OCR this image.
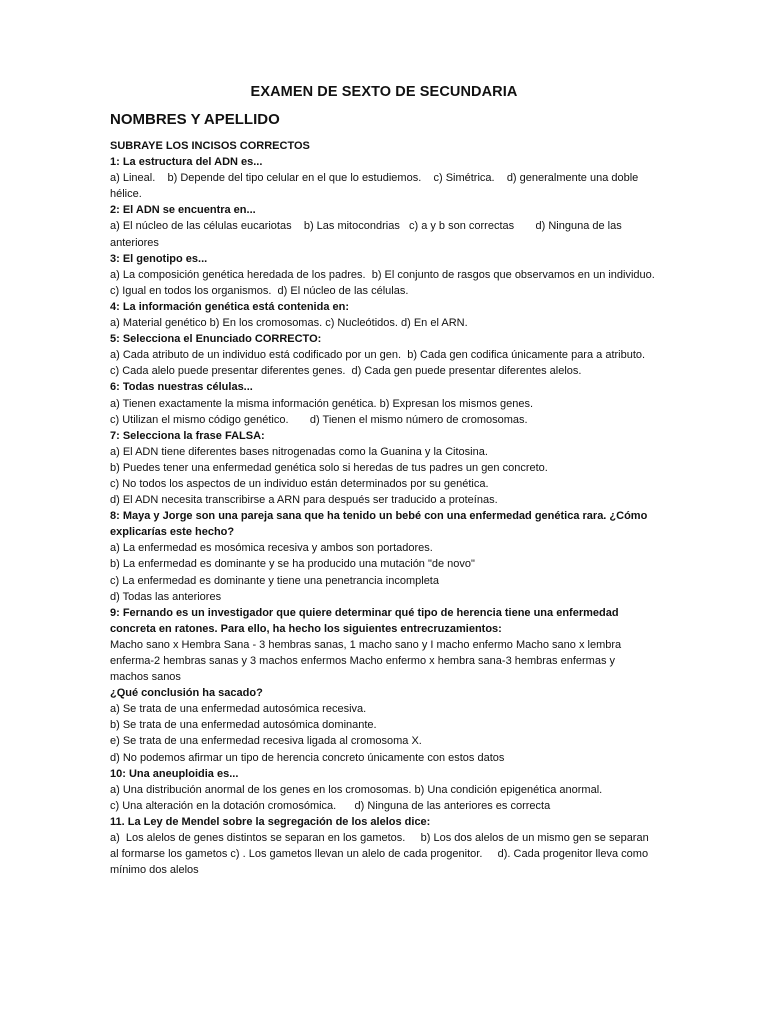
EXAMEN DE SEXTO DE SECUNDARIA
NOMBRES Y APELLIDO

SUBRAYE LOS INCISOS CORRECTOS

1: La estructura del ADN es...

a) Lineal.    b) Depende del tipo celular en el que lo estudiemos.    c) Simétrica.    d) generalmente una doble hélice.

2: El ADN se encuentra en...

a) El núcleo de las células eucariotas    b) Las mitocondrias   c) a y b son correctas       d) Ninguna de las anteriores

3: El genotipo es...

a) La composición genética heredada de los padres.  b) El conjunto de rasgos que observamos en un individuo.   c) Igual en todos los organismos.  d) El núcleo de las células.

4: La información genética está contenida en:

a) Material genético b) En los cromosomas. c) Nucleótidos. d) En el ARN.

5: Selecciona el Enunciado CORRECTO:

a) Cada atributo de un individuo está codificado por un gen.  b) Cada gen codifica únicamente para a atributo.  c) Cada alelo puede presentar diferentes genes.  d) Cada gen puede presentar diferentes alelos.

6: Todas nuestras células...

a) Tienen exactamente la misma información genética. b) Expresan los mismos genes.

c) Utilizan el mismo código genético.       d) Tienen el mismo número de cromosomas.

7: Selecciona la frase FALSA:

a) El ADN tiene diferentes bases nitrogenadas como la Guanina y la Citosina.

b) Puedes tener una enfermedad genética solo si heredas de tus padres un gen concreto.

c) No todos los aspectos de un individuo están determinados por su genética.

d) El ADN necesita transcribirse a ARN para después ser traducido a proteínas.

8: Maya y Jorge son una pareja sana que ha tenido un bebé con una enfermedad genética rara. ¿Cómo explicarías este hecho?

a) La enfermedad es mosómica recesiva y ambos son portadores.

b) La enfermedad es dominante y se ha producido una mutación "de novo"

c) La enfermedad es dominante y tiene una penetrancia incompleta

d) Todas las anteriores

9: Fernando es un investigador que quiere determinar qué tipo de herencia tiene una enfermedad concreta en ratones. Para ello, ha hecho los siguientes entrecruzamientos:

Macho sano x Hembra Sana - 3 hembras sanas, 1 macho sano y I macho enfermo Macho sano x lembra enferma-2 hembras sanas y 3 machos enfermos Macho enfermo x hembra sana-3 hembras enfermas y machos sanos

¿Qué conclusión ha sacado?

a) Se trata de una enfermedad autosómica recesiva.

b) Se trata de una enfermedad autosómica dominante.

e) Se trata de una enfermedad recesiva ligada al cromosoma X.

d) No podemos afirmar un tipo de herencia concreto únicamente con estos datos

10: Una aneuploidia es...

a) Una distribución anormal de los genes en los cromosomas. b) Una condición epigenética anormal.

c) Una alteración en la dotación cromosómica.      d) Ninguna de las anteriores es correcta

11. La Ley de Mendel sobre la segregación de los alelos dice:

a)  Los alelos de genes distintos se separan en los gametos.     b) Los dos alelos de un mismo gen se separan al formarse los gametos c) . Los gametos llevan un alelo de cada progenitor.     d). Cada progenitor lleva como mínimo dos alelos
